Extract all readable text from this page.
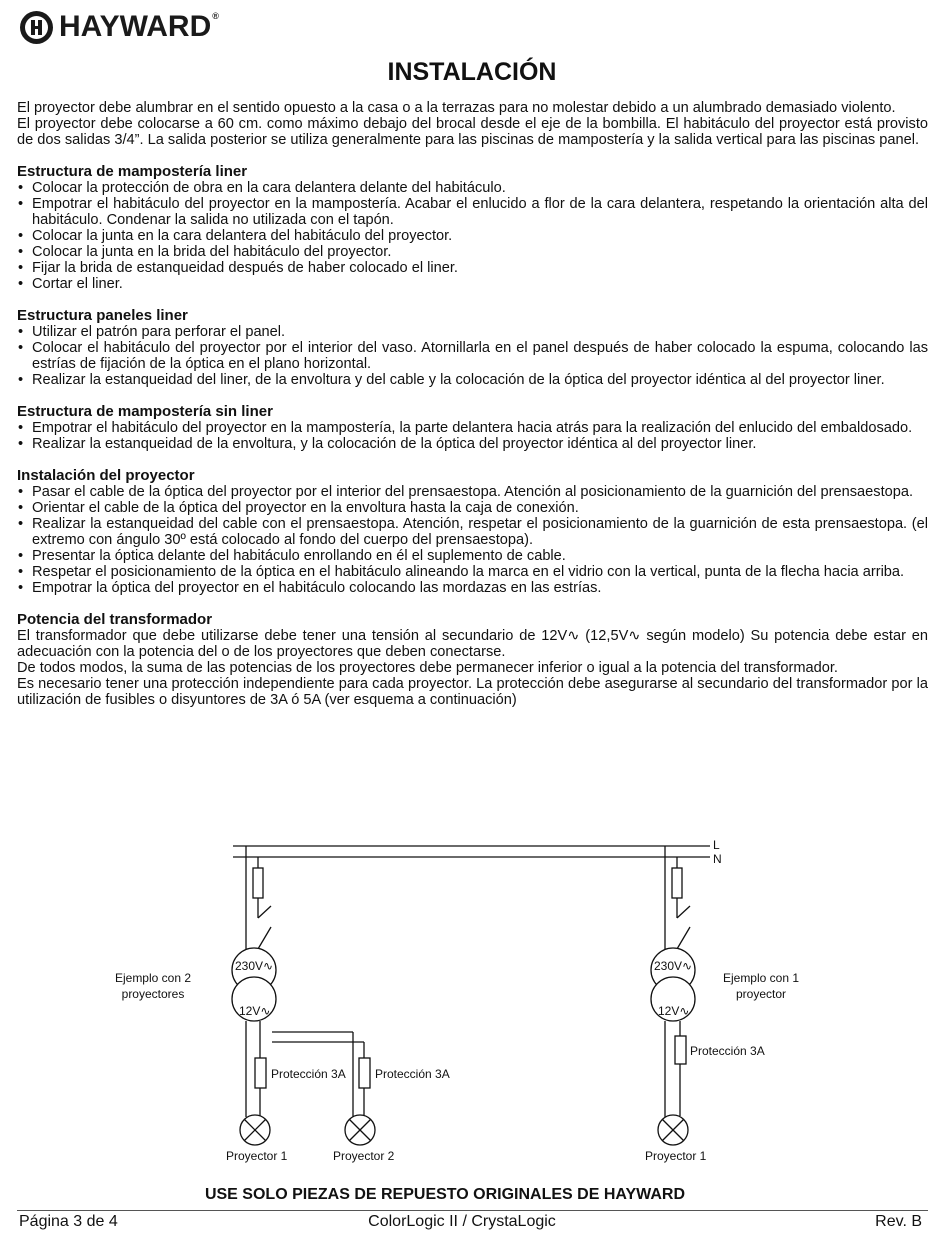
HAYWARD®
INSTALACIÓN

El proyector debe alumbrar en el sentido opuesto a la casa o a la terrazas para no molestar debido a un alumbrado demasiado violento.

El proyector debe colocarse a 60 cm. como máximo debajo del brocal desde el eje de la bombilla. El habitáculo del proyector está provisto de dos salidas 3/4”. La salida posterior se utiliza generalmente para las piscinas de mampostería y la salida vertical para las piscinas panel.

Estructura de mampostería liner
• Colocar la protección de obra en la cara delantera delante del habitáculo.
• Empotrar el habitáculo del proyector en la mampostería. Acabar el enlucido a flor de la cara delantera, respetando la orientación alta del habitáculo. Condenar la salida no utilizada con el tapón.
• Colocar la junta en la cara delantera del habitáculo del proyector.
• Colocar la junta en la brida del habitáculo del proyector.
• Fijar la brida de estanqueidad después de haber colocado el liner.
• Cortar el liner.
Estructura paneles liner
• Utilizar el patrón para perforar el panel.
• Colocar el habitáculo del proyector por el interior del vaso. Atornillarla en el panel después de haber colocado la espuma, colocando las estrías de fijación de la óptica en el plano horizontal.
• Realizar la estanqueidad del liner, de la envoltura y del cable y la colocación de la óptica del proyector idéntica al del proyector liner.
Estructura de mampostería sin liner
• Empotrar el habitáculo del proyector en la mampostería, la parte delantera hacia atrás para la realización del enlucido del embaldosado.
• Realizar la estanqueidad de la envoltura, y la colocación de la óptica del proyector idéntica al del proyector liner.
Instalación del proyector
• Pasar el cable de la óptica del proyector por el interior del prensaestopa. Atención al posicionamiento de la guarnición del prensaestopa.
• Orientar el cable de la óptica del proyector en la envoltura hasta la caja de conexión.
• Realizar la estanqueidad del cable con el prensaestopa. Atención, respetar el posicionamiento de la guarnición de esta prensaestopa. (el extremo con ángulo 30º está colocado al fondo del cuerpo del prensaestopa).
• Presentar la óptica delante del habitáculo enrollando en él el suplemento de cable.
• Respetar el posicionamiento de la óptica en el habitáculo alineando la marca en el vidrio con la vertical, punta de la flecha hacia arriba.
• Empotrar la óptica del proyector en el habitáculo colocando las mordazas en las estrías.
Potencia del transformador

El transformador que debe utilizarse debe tener una tensión al secundario de 12V∿ (12,5V∿ según modelo) Su potencia debe estar en adecuación con la potencia del o de los proyectores que deben conectarse.

De todos modos, la suma de las potencias de los proyectores debe permanecer inferior o igual a la potencia del transformador.

Es necesario tener una protección independiente para cada proyector. La protección debe asegurarse al secundario del transformador por la utilización de fusibles o disyuntores de 3A ó 5A (ver esquema a continuación)

L
N
230V∿
12V∿
Protección 3A Protección 3A
Proyector 1	Proyector 2
Ejemplo con 2
proyectores
230V∿
12V∿
Protección 3A
Proyector 1
Ejemplo con 1
proyector
USE SOLO PIEZAS DE REPUESTO ORIGINALES DE HAYWARD
Página 3 de 4	ColorLogic II / CrystaLogic	Rev. B
